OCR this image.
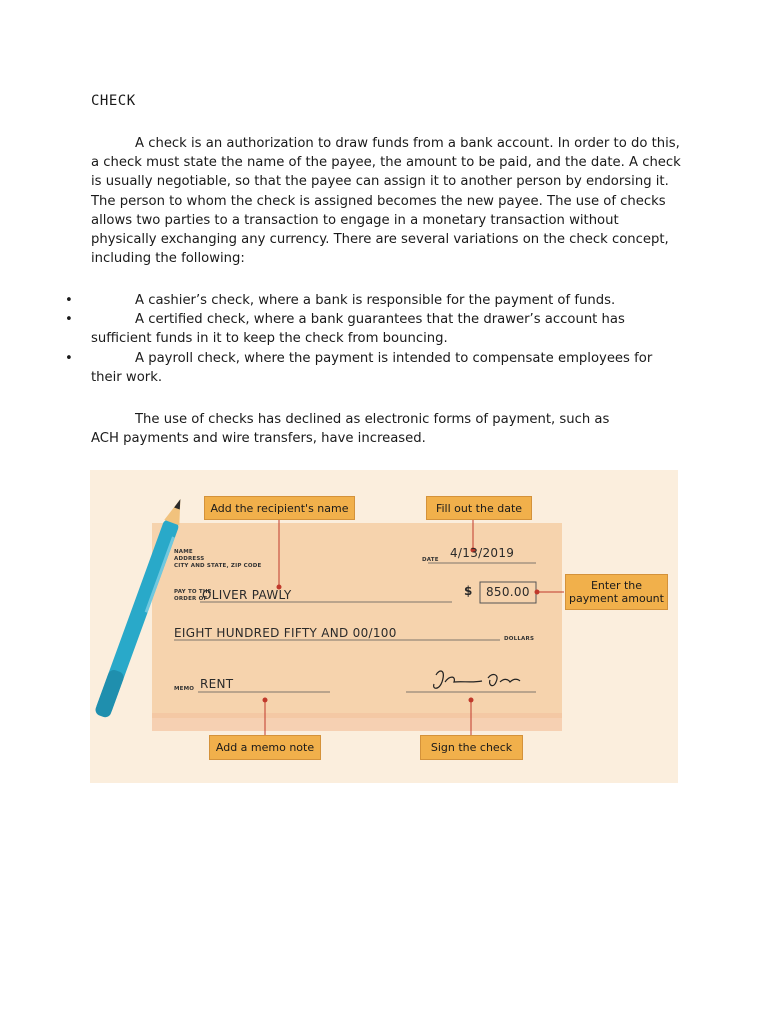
CHECK

A check is an authorization to draw funds from a bank account. In order to do this, a check must state the name of the payee, the amount to be paid, and the date. A check is usually negotiable, so that the payee can assign it to another person by endorsing it. The person to whom the check is assigned becomes the new payee. The use of checks allows two parties to a transaction to engage in a monetary transaction without physically exchanging any currency. There are several variations on the check concept, including the following:

•	A cashier’s check, where a bank is responsible for the payment of funds.
•	A certified check, where a bank guarantees that the drawer’s account has sufficient funds in it to keep the check from bouncing.
•	A payroll check, where the payment is intended to compensate employees for their work.

The use of checks has declined as electronic forms of payment, such as ACH payments and wire transfers, have increased.

Add the recipient's name	Fill out the date
Enter the payment amount
Add a memo note	Sign the check
NAME
ADDRESS
CITY AND STATE, ZIP CODE
DATE 4/13/2019
PAY TO THE
ORDER OF
OLIVER PAWLY	$ 850.00
EIGHT HUNDRED FIFTY AND 00/100	DOLLARS
MEMO RENT
